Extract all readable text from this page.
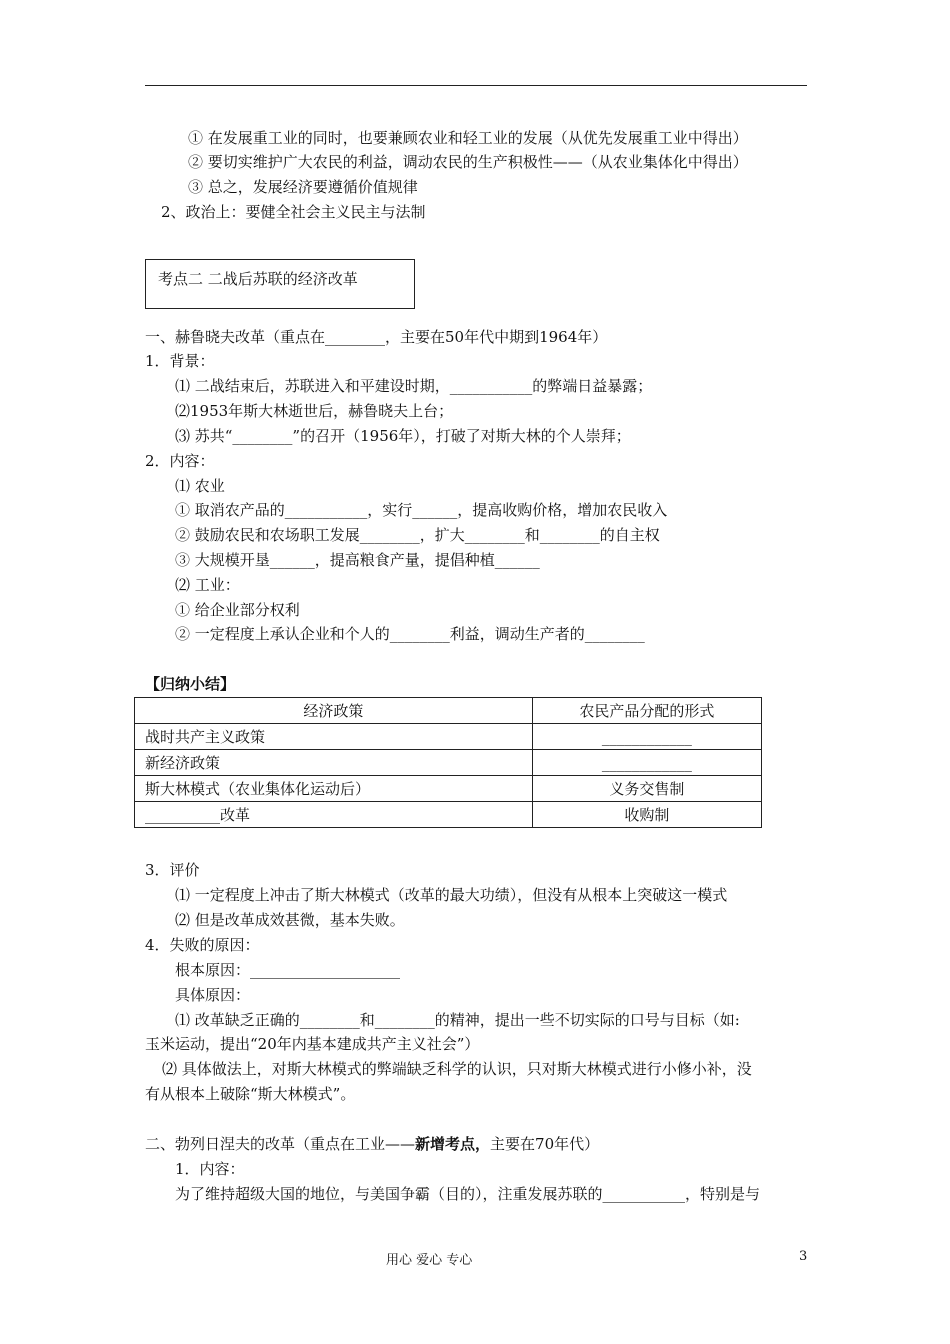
① 在发展重工业的同时，也要兼顾农业和轻工业的发展（从优先发展重工业中得出）
② 要切实维护广大农民的利益，调动农民的生产积极性——（从农业集体化中得出）
③ 总之，发展经济要遵循价值规律
2、政治上：要健全社会主义民主与法制
考点二 二战后苏联的经济改革
一、赫鲁晓夫改革（重点在________，主要在50年代中期到1964年）
1．背景：
⑴ 二战结束后，苏联进入和平建设时期，___________的弊端日益暴露；
⑵1953年斯大林逝世后，赫鲁晓夫上台；
⑶ 苏共“________”的召开（1956年），打破了对斯大林的个人崇拜；
2．内容：
⑴ 农业
① 取消农产品的___________，实行______，提高收购价格，增加农民收入
② 鼓励农民和农场职工发展________，扩大________和________的自主权
③ 大规模开垦______，提高粮食产量，提倡种植______
⑵ 工业：
① 给企业部分权利
② 一定程度上承认企业和个人的________利益，调动生产者的________
【归纳小结】
经济政策	农民产品分配的形式
战时共产主义政策	____________
新经济政策	____________
斯大林模式（农业集体化运动后）	义务交售制
__________改革	收购制
3．评价
⑴ 一定程度上冲击了斯大林模式（改革的最大功绩），但没有从根本上突破这一模式
⑵ 但是改革成效甚微，基本失败。
4．失败的原因：
根本原因：____________________
具体原因：
⑴ 改革缺乏正确的________和________的精神，提出一些不切实际的口号与目标（如:
玉米运动，提出“20年内基本建成共产主义社会”）
⑵ 具体做法上，对斯大林模式的弊端缺乏科学的认识，只对斯大林模式进行小修小补，没
有从根本上破除“斯大林模式”。
二、勃列日涅夫的改革（重点在工业——新增考点，主要在70年代）
1．内容：
为了维持超级大国的地位，与美国争霸（目的），注重发展苏联的___________，特别是与
用心 爱心 专心	3
